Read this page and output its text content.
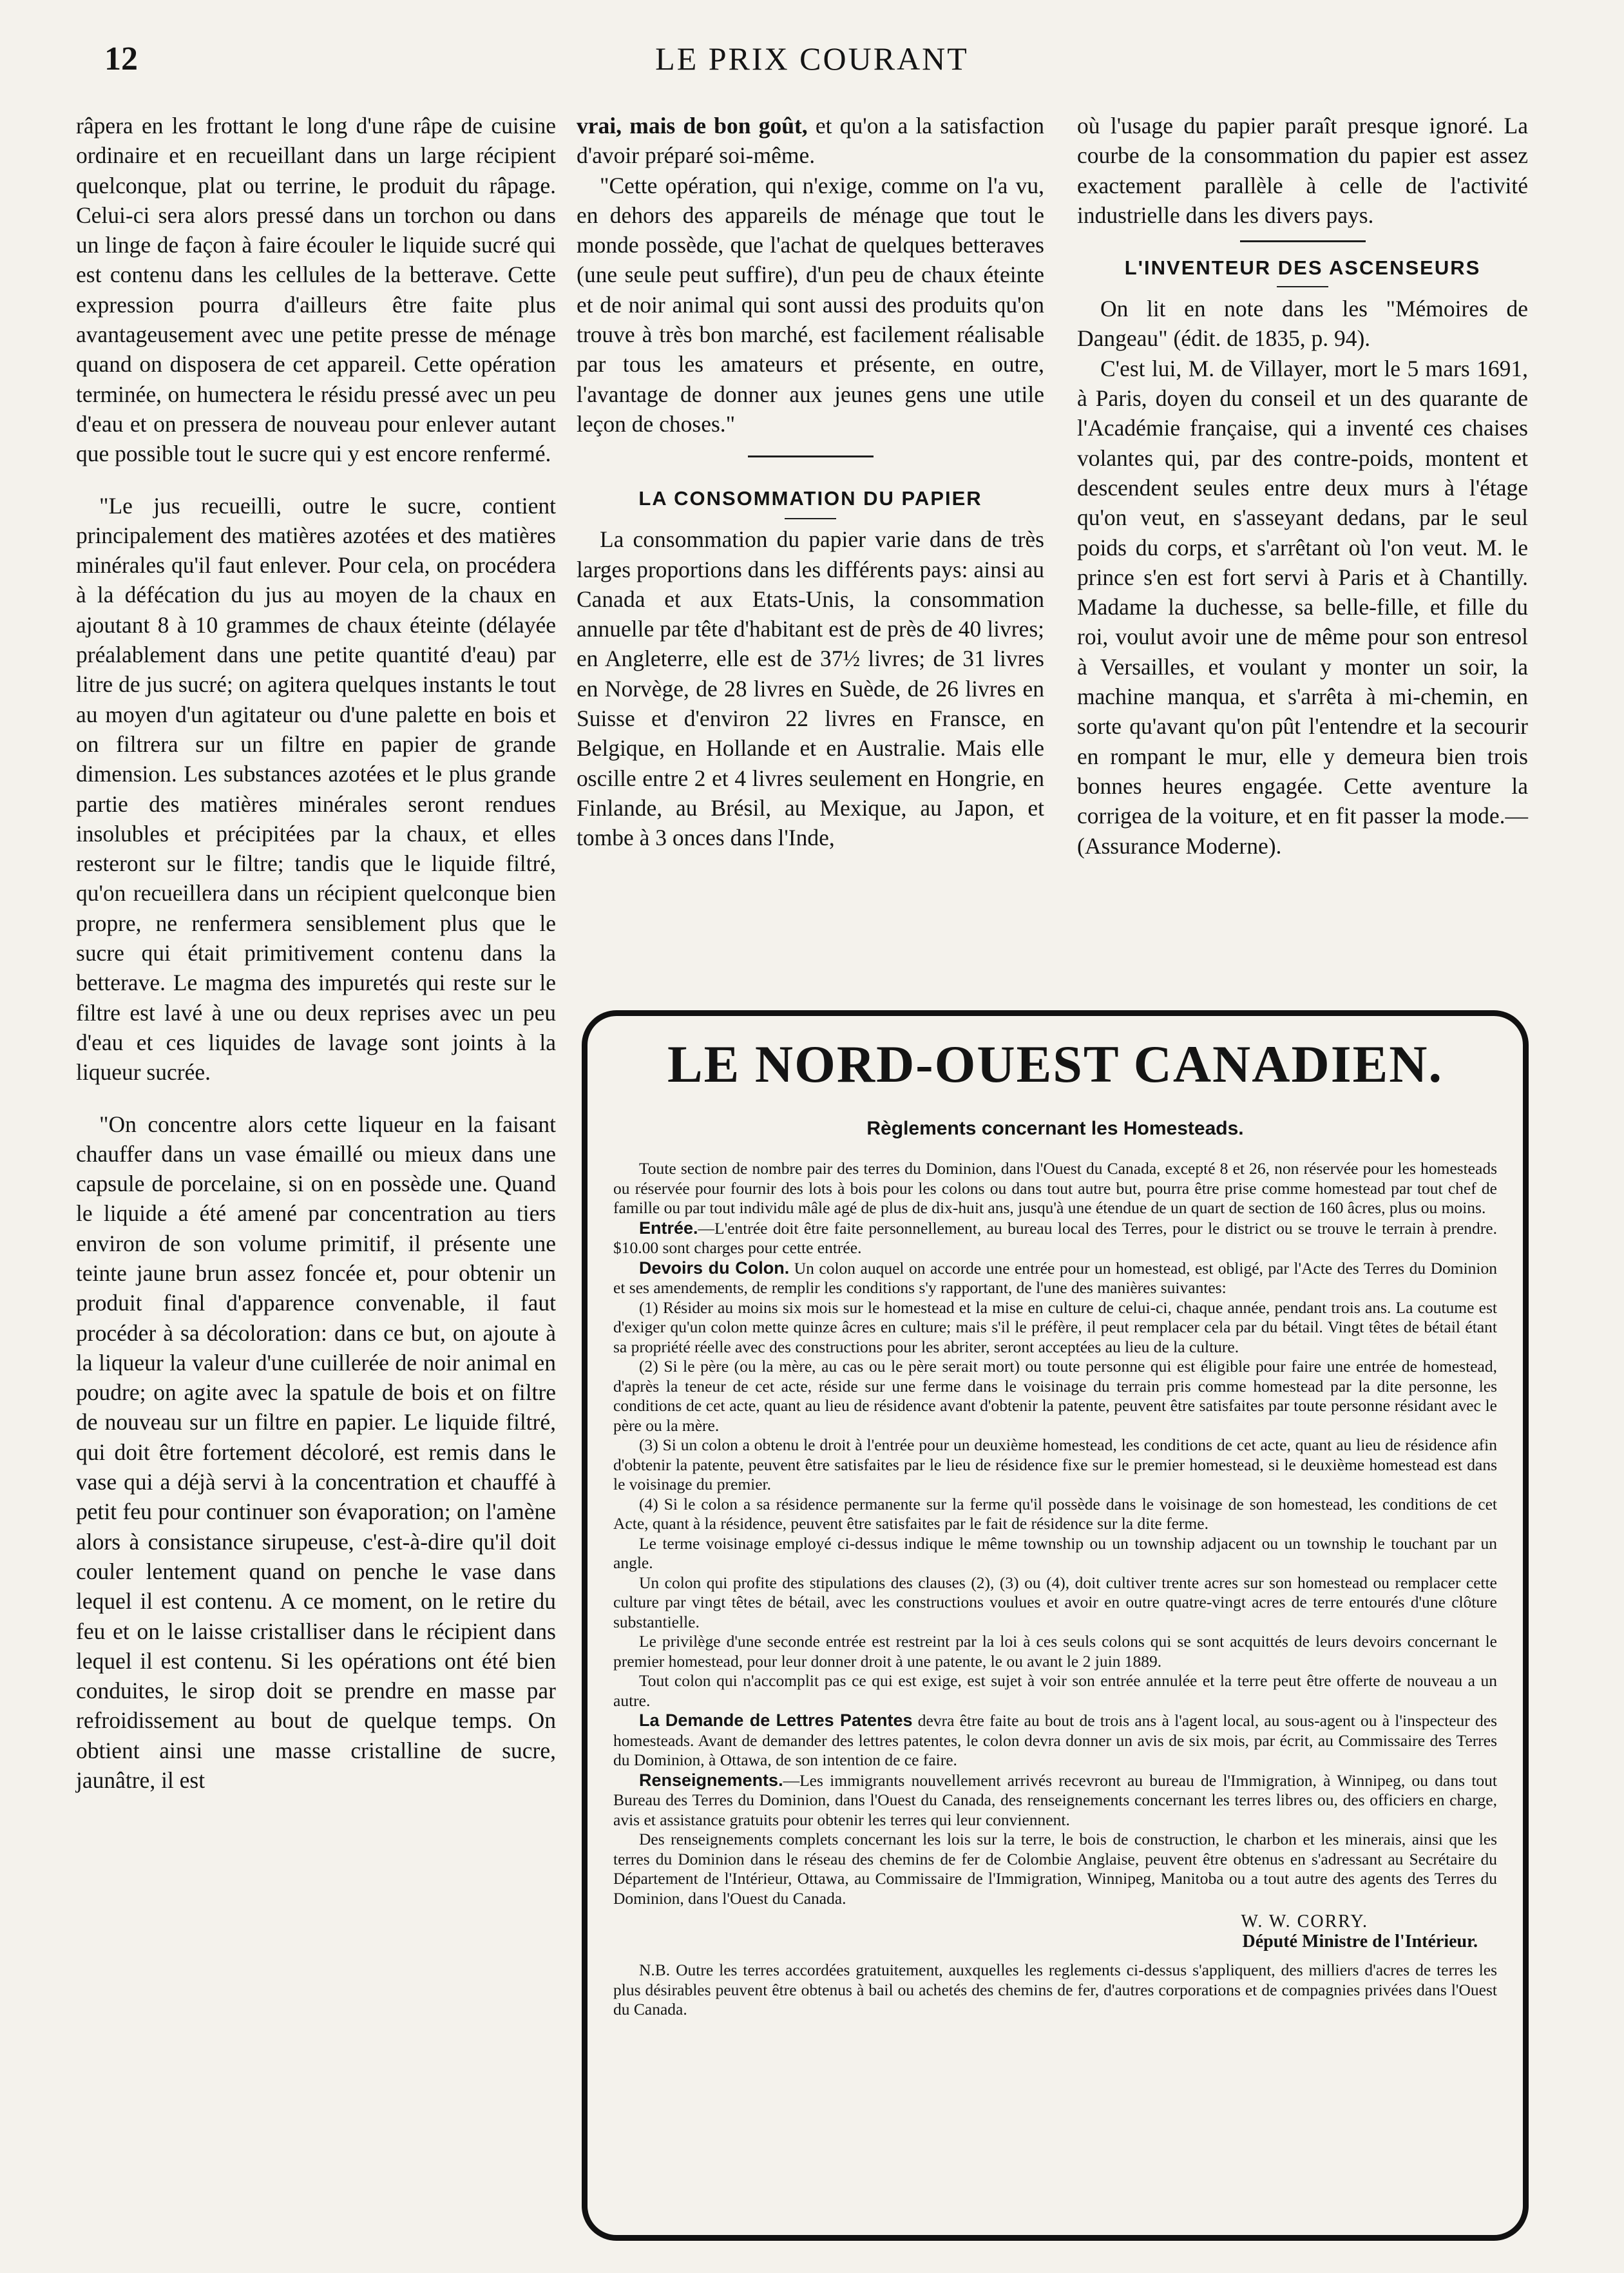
12	LE PRIX COURANT

râpera en les frottant le long d'une râpe de cuisine ordinaire et en recueillant dans un large récipient quelconque, plat ou terrine, le produit du râpage. Celui-ci sera alors pressé dans un torchon ou dans un linge de façon à faire écouler le liquide sucré qui est contenu dans les cellules de la betterave. Cette expression pourra d'ailleurs être faite plus avantageusement avec une petite presse de ménage quand on disposera de cet appareil. Cette opération terminée, on humectera le résidu pressé avec un peu d'eau et on pressera de nouveau pour enlever autant que possible tout le sucre qui y est encore renfermé.

"Le jus recueilli, outre le sucre, contient principalement des matières azotées et des matières minérales qu'il faut enlever. Pour cela, on procédera à la défécation du jus au moyen de la chaux en ajoutant 8 à 10 grammes de chaux éteinte (délayée préalablement dans une petite quantité d'eau) par litre de jus sucré; on agitera quelques instants le tout au moyen d'un agitateur ou d'une palette en bois et on filtrera sur un filtre en papier de grande dimension. Les substances azotées et le plus grande partie des matières minérales seront rendues insolubles et précipitées par la chaux, et elles resteront sur le filtre; tandis que le liquide filtré, qu'on recueillera dans un récipient quelconque bien propre, ne renfermera sensiblement plus que le sucre qui était primitivement contenu dans la betterave. Le magma des impuretés qui reste sur le filtre est lavé à une ou deux reprises avec un peu d'eau et ces liquides de lavage sont joints à la liqueur sucrée.

"On concentre alors cette liqueur en la faisant chauffer dans un vase émaillé ou mieux dans une capsule de porcelaine, si on en possède une. Quand le liquide a été amené par concentration au tiers environ de son volume primitif, il présente une teinte jaune brun assez foncée et, pour obtenir un produit final d'apparence convenable, il faut procéder à sa décoloration: dans ce but, on ajoute à la liqueur la valeur d'une cuillerée de noir animal en poudre; on agite avec la spatule de bois et on filtre de nouveau sur un filtre en papier. Le liquide filtré, qui doit être fortement décoloré, est remis dans le vase qui a déjà servi à la concentration et chauffé à petit feu pour continuer son évaporation; on l'amène alors à consistance sirupeuse, c'est-à-dire qu'il doit couler lentement quand on penche le vase dans lequel il est contenu. A ce moment, on le retire du feu et on le laisse cristalliser dans le récipient dans lequel il est contenu. Si les opérations ont été bien conduites, le sirop doit se prendre en masse par refroidissement au bout de quelque temps. On obtient ainsi une masse cristalline de sucre, jaunâtre, il est

vrai, mais de bon goût, et qu'on a la satisfaction d'avoir préparé soi-même.

"Cette opération, qui n'exige, comme on l'a vu, en dehors des appareils de ménage que tout le monde possède, que l'achat de quelques betteraves (une seule peut suffire), d'un peu de chaux éteinte et de noir animal qui sont aussi des produits qu'on trouve à très bon marché, est facilement réalisable par tous les amateurs et présente, en outre, l'avantage de donner aux jeunes gens une utile leçon de choses."

LA CONSOMMATION DU PAPIER

La consommation du papier varie dans de très larges proportions dans les différents pays: ainsi au Canada et aux Etats-Unis, la consommation annuelle par tête d'habitant est de près de 40 livres; en Angleterre, elle est de 37½ livres; de 31 livres en Norvège, de 28 livres en Suède, de 26 livres en Suisse et d'environ 22 livres en Fransce, en Belgique, en Hollande et en Australie. Mais elle oscille entre 2 et 4 livres seulement en Hongrie, en Finlande, au Brésil, au Mexique, au Japon, et tombe à 3 onces dans l'Inde,

où l'usage du papier paraît presque ignoré. La courbe de la consommation du papier est assez exactement parallèle à celle de l'activité industrielle dans les divers pays.

L'INVENTEUR DES ASCENSEURS

On lit en note dans les "Mémoires de Dangeau" (édit. de 1835, p. 94).

C'est lui, M. de Villayer, mort le 5 mars 1691, à Paris, doyen du conseil et un des quarante de l'Académie française, qui a inventé ces chaises volantes qui, par des contre-poids, montent et descendent seules entre deux murs à l'étage qu'on veut, en s'asseyant dedans, par le seul poids du corps, et s'arrêtant où l'on veut. M. le prince s'en est fort servi à Paris et à Chantilly. Madame la duchesse, sa belle-fille, et fille du roi, voulut avoir une de même pour son entresol à Versailles, et voulant y monter un soir, la machine manqua, et s'arrêta à mi-chemin, en sorte qu'avant qu'on pût l'entendre et la secourir en rompant le mur, elle y demeura bien trois bonnes heures engagée. Cette aventure la corrigea de la voiture, et en fit passer la mode.—(Assurance Moderne).

LE NORD-OUEST CANADIEN.
Règlements concernant les Homesteads.

Toute section de nombre pair des terres du Dominion, dans l'Ouest du Canada, excepté 8 et 26, non réservée pour les homesteads ou réservée pour fournir des lots à bois pour les colons ou dans tout autre but, pourra être prise comme homestead par tout chef de famille ou par tout individu mâle agé de plus de dix-huit ans, jusqu'à une étendue de un quart de section de 160 âcres, plus ou moins.

Entrée.—L'entrée doit être faite personnellement, au bureau local des Terres, pour le district ou se trouve le terrain à prendre. $10.00 sont charges pour cette entrée.

Devoirs du Colon. Un colon auquel on accorde une entrée pour un homestead, est obligé, par l'Acte des Terres du Dominion et ses amendements, de remplir les conditions s'y rapportant, de l'une des manières suivantes:

(1) Résider au moins six mois sur le homestead et la mise en culture de celui-ci, chaque année, pendant trois ans. La coutume est d'exiger qu'un colon mette quinze âcres en culture; mais s'il le préfère, il peut remplacer cela par du bétail. Vingt têtes de bétail étant sa propriété réelle avec des constructions pour les abriter, seront acceptées au lieu de la culture.

(2) Si le père (ou la mère, au cas ou le père serait mort) ou toute personne qui est éligible pour faire une entrée de homestead, d'après la teneur de cet acte, réside sur une ferme dans le voisinage du terrain pris comme homestead par la dite personne, les conditions de cet acte, quant au lieu de résidence avant d'obtenir la patente, peuvent être satisfaites par toute personne résidant avec le père ou la mère.

(3) Si un colon a obtenu le droit à l'entrée pour un deuxième homestead, les conditions de cet acte, quant au lieu de résidence afin d'obtenir la patente, peuvent être satisfaites par le lieu de résidence fixe sur le premier homestead, si le deuxième homestead est dans le voisinage du premier.

(4) Si le colon a sa résidence permanente sur la ferme qu'il possède dans le voisinage de son homestead, les conditions de cet Acte, quant à la résidence, peuvent être satisfaites par le fait de résidence sur la dite ferme.

Le terme voisinage employé ci-dessus indique le même township ou un township adjacent ou un township le touchant par un angle.

Un colon qui profite des stipulations des clauses (2), (3) ou (4), doit cultiver trente acres sur son homestead ou remplacer cette culture par vingt têtes de bétail, avec les constructions voulues et avoir en outre quatre-vingt acres de terre entourés d'une clôture substantielle.

Le privilège d'une seconde entrée est restreint par la loi à ces seuls colons qui se sont acquittés de leurs devoirs concernant le premier homestead, pour leur donner droit à une patente, le ou avant le 2 juin 1889.

Tout colon qui n'accomplit pas ce qui est exige, est sujet à voir son entrée annulée et la terre peut être offerte de nouveau a un autre.

La Demande de Lettres Patentes devra être faite au bout de trois ans à l'agent local, au sous-agent ou à l'inspecteur des homesteads. Avant de demander des lettres patentes, le colon devra donner un avis de six mois, par écrit, au Commissaire des Terres du Dominion, à Ottawa, de son intention de ce faire.

Renseignements.—Les immigrants nouvellement arrivés recevront au bureau de l'Immigration, à Winnipeg, ou dans tout Bureau des Terres du Dominion, dans l'Ouest du Canada, des renseignements concernant les terres libres ou, des officiers en charge, avis et assistance gratuits pour obtenir les terres qui leur conviennent.

Des renseignements complets concernant les lois sur la terre, le bois de construction, le charbon et les minerais, ainsi que les terres du Dominion dans le réseau des chemins de fer de Colombie Anglaise, peuvent être obtenus en s'adressant au Secrétaire du Département de l'Intérieur, Ottawa, au Commissaire de l'Immigration, Winnipeg, Manitoba ou a tout autre des agents des Terres du Dominion, dans l'Ouest du Canada.

W. W. CORRY.
Député Ministre de l'Intérieur.

N.B. Outre les terres accordées gratuitement, auxquelles les reglements ci-dessus s'appliquent, des milliers d'acres de terres les plus désirables peuvent être obtenus à bail ou achetés des chemins de fer, d'autres corporations et de compagnies privées dans l'Ouest du Canada.
